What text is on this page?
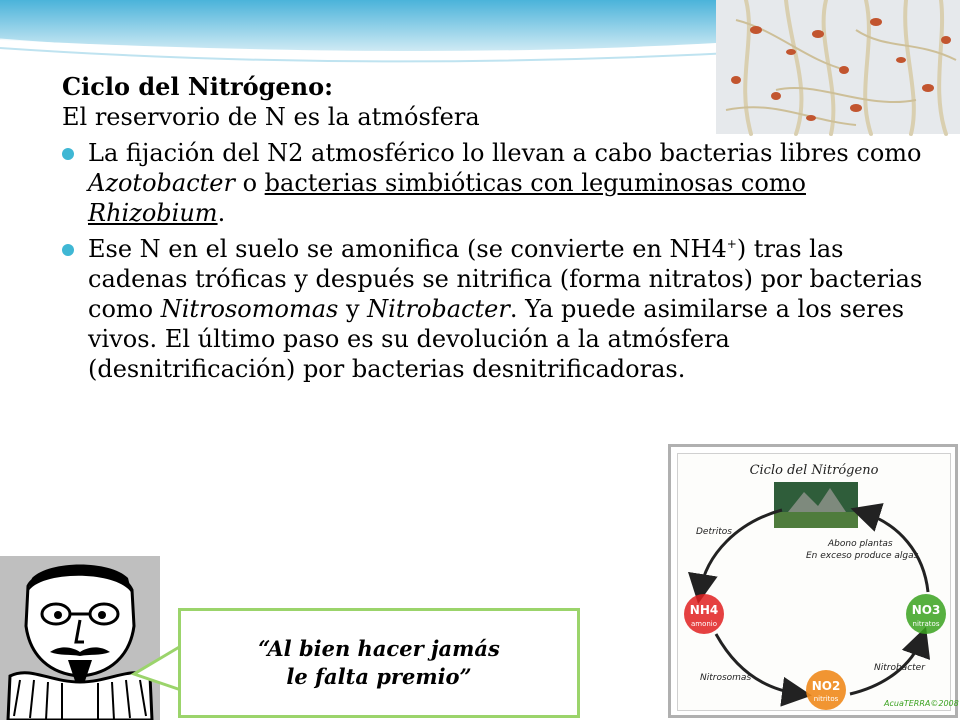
Ciclo del Nitrógeno:
El reservorio de N es la atmósfera
La fijación del N2 atmosférico lo llevan a cabo bacterias libres como Azotobacter o bacterias simbióticas con leguminosas como Rhizobium.
Ese N en el suelo se amonifica (se convierte en NH4+) tras las cadenas tróficas y después se nitrifica (forma nitratos) por bacterias como Nitrosomomas y Nitrobacter. Ya puede asimilarse a los seres vivos. El último paso es su devolución a la atmósfera (desnitrificación) por bacterias desnitrificadoras.
Ciclo del Nitrógeno
Detritos
Abono plantas
En exceso produce algas
NH4
amonio
NO3
nitratos
NO2
nitritos
Nitrosomas
Nitrobacter
AcuaTERRA©2008
“Al bien hacer jamás
le falta premio”
